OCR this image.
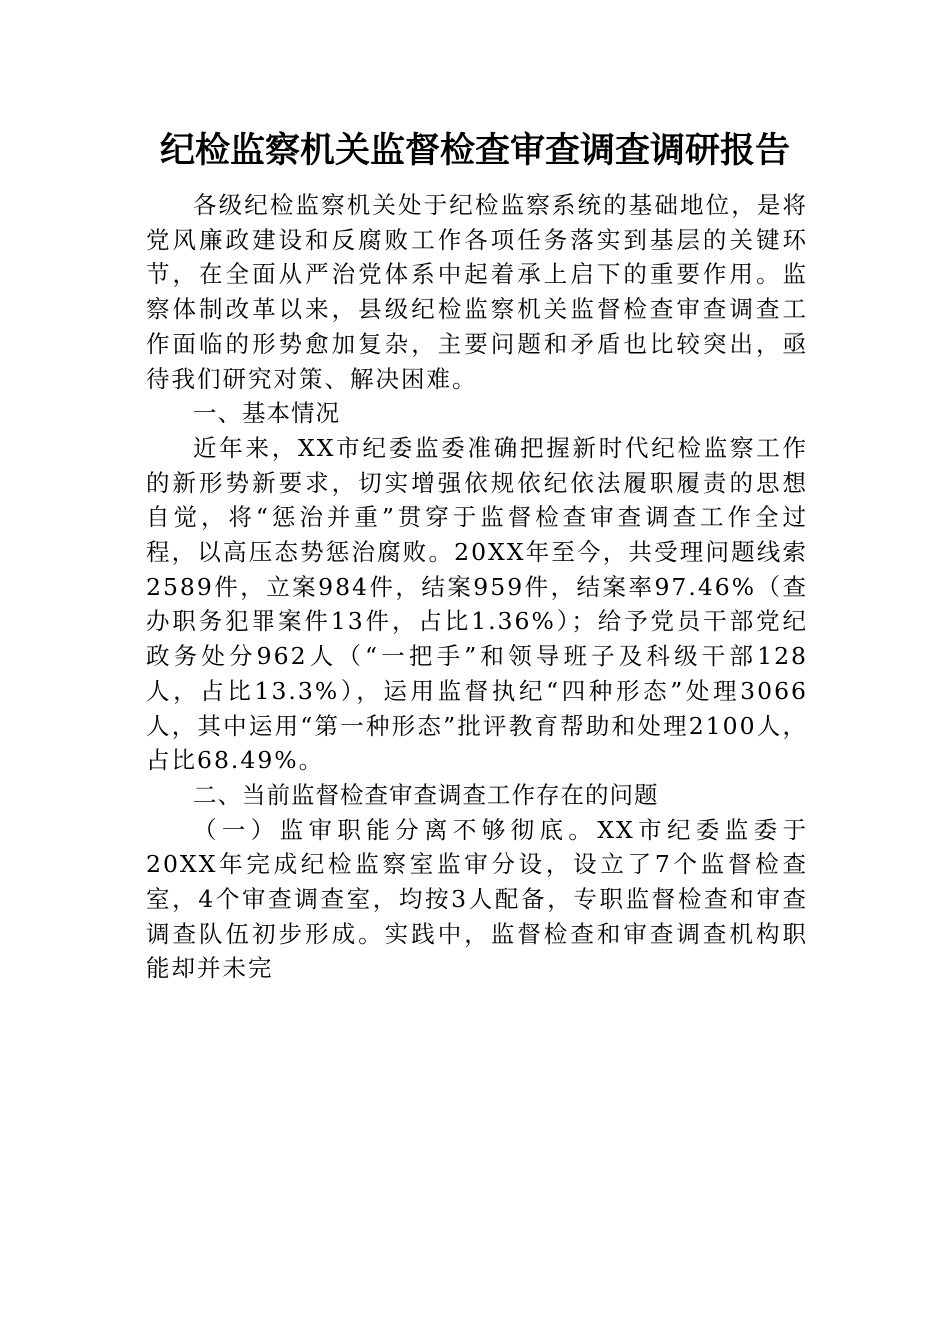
纪检监察机关监督检查审查调查调研报告

各级纪检监察机关处于纪检监察系统的基础地位，是将党风廉政建设和反腐败工作各项任务落实到基层的关键环节，在全面从严治党体系中起着承上启下的重要作用。监察体制改革以来，县级纪检监察机关监督检查审查调查工作面临的形势愈加复杂，主要问题和矛盾也比较突出，亟待我们研究对策、解决困难。

一、基本情况

近年来，XX市纪委监委准确把握新时代纪检监察工作的新形势新要求，切实增强依规依纪依法履职履责的思想自觉，将“惩治并重”贯穿于监督检查审查调查工作全过程，以高压态势惩治腐败。20XX年至今，共受理问题线索2589件，立案984件，结案959件，结案率97.46%（查办职务犯罪案件13件，占比1.36%）；给予党员干部党纪政务处分962人（“一把手”和领导班子及科级干部128人，占比13.3%），运用监督执纪“四种形态”处理3066人，其中运用“第一种形态”批评教育帮助和处理2100人，占比68.49%。

二、当前监督检查审查调查工作存在的问题

（一）监审职能分离不够彻底。XX市纪委监委于20XX年完成纪检监察室监审分设，设立了7个监督检查室，4个审查调查室，均按3人配备，专职监督检查和审查调查队伍初步形成。实践中，监督检查和审查调查机构职能却并未完
